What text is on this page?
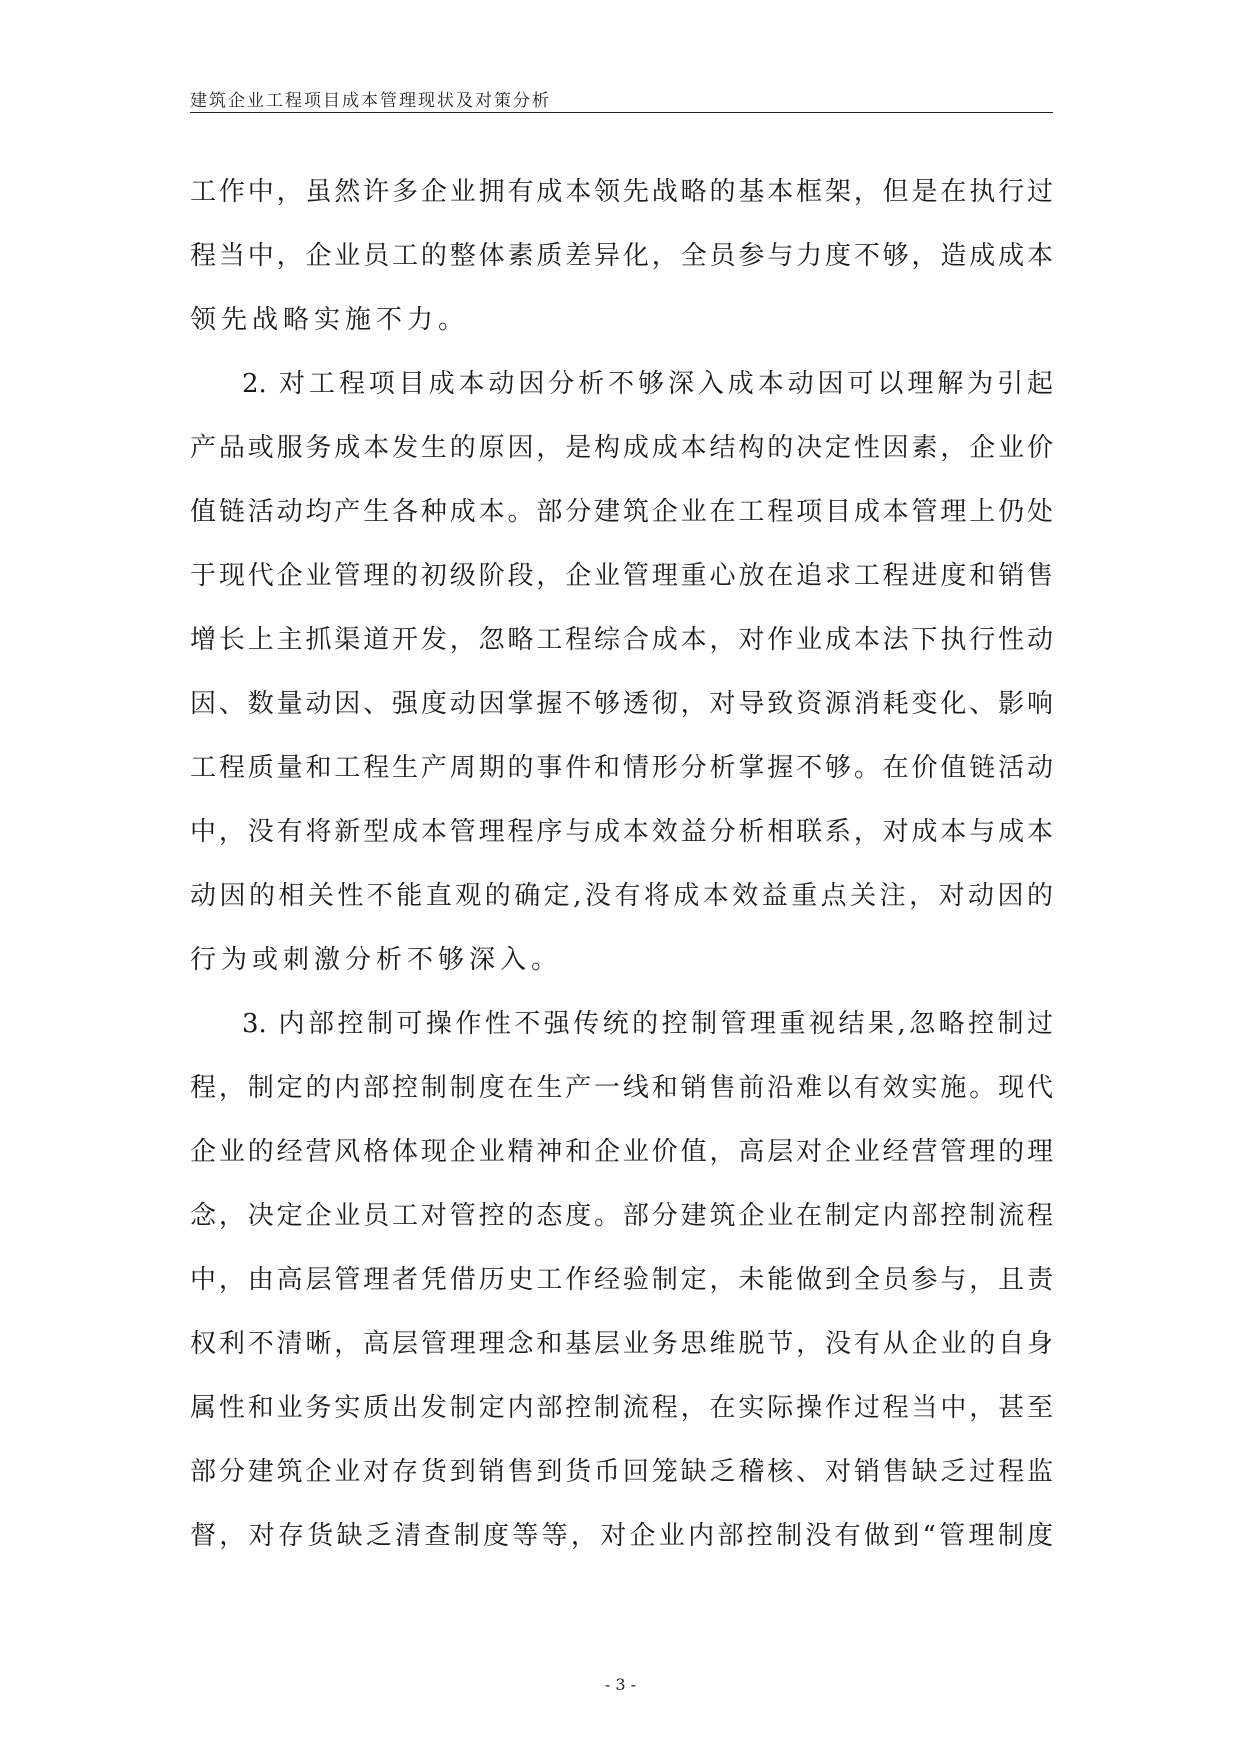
建筑企业工程项目成本管理现状及对策分析
工作中，虽然许多企业拥有成本领先战略的基本框架，但是在执行过
程当中，企业员工的整体素质差异化，全员参与力度不够，造成成本
领先战略实施不力。
2. 对工程项目成本动因分析不够深入成本动因可以理解为引起
产品或服务成本发生的原因，是构成成本结构的决定性因素，企业价
值链活动均产生各种成本。部分建筑企业在工程项目成本管理上仍处
于现代企业管理的初级阶段，企业管理重心放在追求工程进度和销售
增长上主抓渠道开发，忽略工程综合成本，对作业成本法下执行性动
因、数量动因、强度动因掌握不够透彻，对导致资源消耗变化、影响
工程质量和工程生产周期的事件和情形分析掌握不够。在价值链活动
中，没有将新型成本管理程序与成本效益分析相联系，对成本与成本
动因的相关性不能直观的确定,没有将成本效益重点关注，对动因的
行为或刺激分析不够深入。
3. 内部控制可操作性不强传统的控制管理重视结果,忽略控制过
程，制定的内部控制制度在生产一线和销售前沿难以有效实施。现代
企业的经营风格体现企业精神和企业价值，高层对企业经营管理的理
念，决定企业员工对管控的态度。部分建筑企业在制定内部控制流程
中，由高层管理者凭借历史工作经验制定，未能做到全员参与，且责
权利不清晰，高层管理理念和基层业务思维脱节，没有从企业的自身
属性和业务实质出发制定内部控制流程，在实际操作过程当中，甚至
部分建筑企业对存货到销售到货币回笼缺乏稽核、对销售缺乏过程监
督，对存货缺乏清查制度等等，对企业内部控制没有做到“管理制度
- 3 -
